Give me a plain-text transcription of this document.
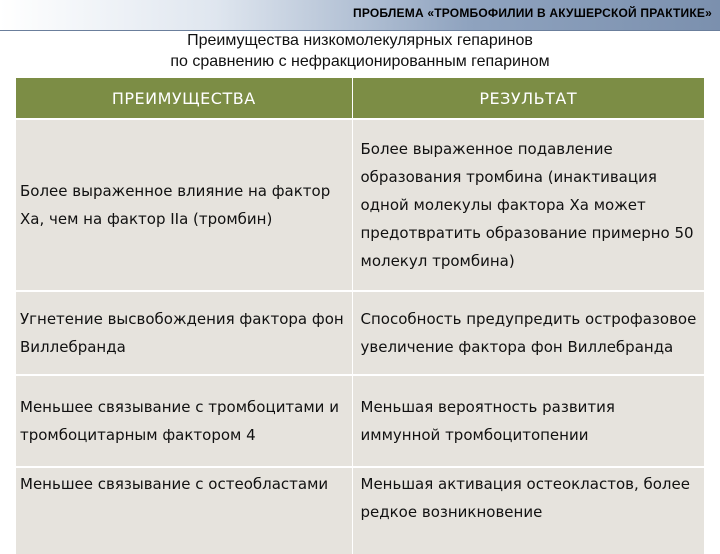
ПРОБЛЕМА «ТРОМБОФИЛИИ В АКУШЕРСКОЙ ПРАКТИКЕ»
Преимущества низкомолекулярных гепаринов
по сравнению с нефракционированным гепарином
ПРЕИМУЩЕСТВА	РЕЗУЛЬТАТ
Более выраженное влияние на фактор Xa, чем на фактор IIa (тромбин)	Более выраженное подавление образования тромбина (инактивация одной молекулы фактора Xa может предотвратить образование примерно 50 молекул тромбина)
Угнетение высвобождения фактора фон Виллебранда	Способность предупредить острофазовое увеличение фактора фон Виллебранда
Меньшее связывание с тромбоцитами и тромбоцитарным фактором 4	Меньшая вероятность развития иммунной тромбоцитопении
Меньшее связывание с остеобластами	Меньшая активация остеокластов, более редкое возникновение
